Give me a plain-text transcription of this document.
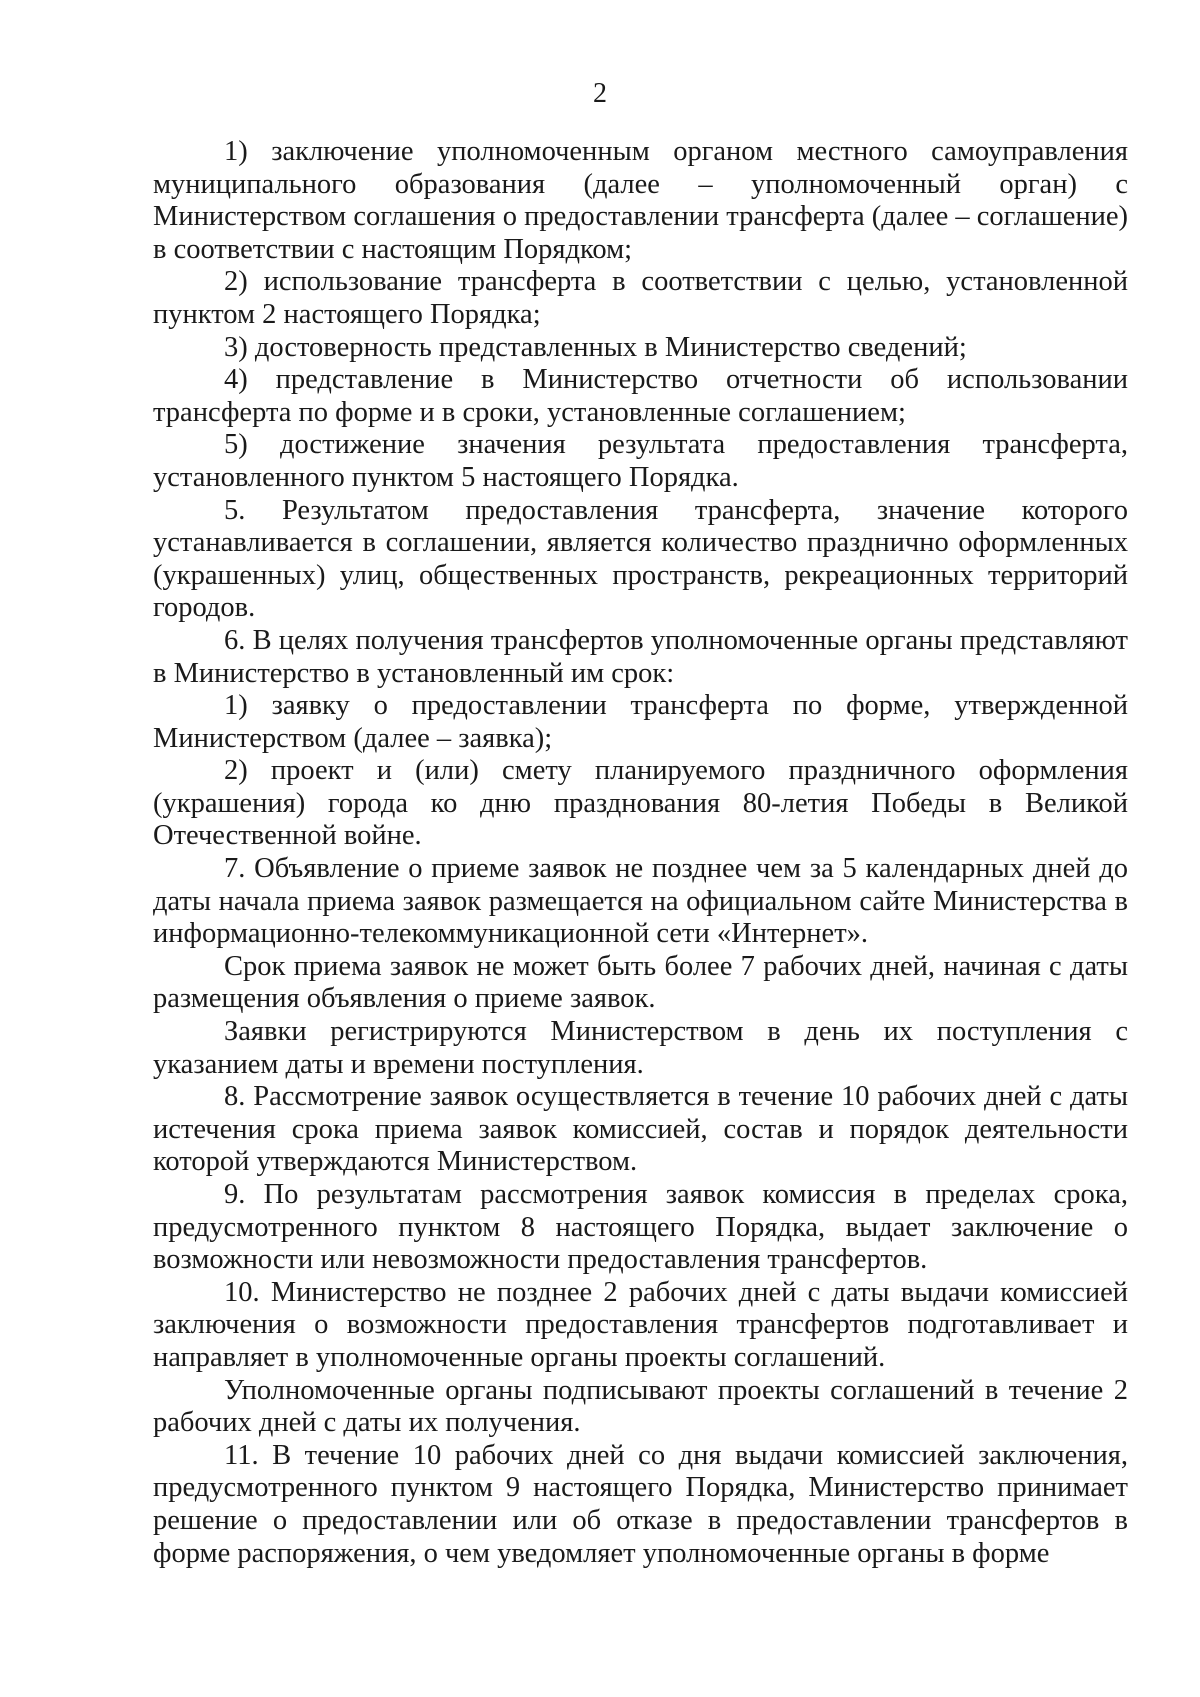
2

1) заключение уполномоченным органом местного самоуправления муниципального образования (далее – уполномоченный орган) с Министерством соглашения о предоставлении трансферта (далее – соглашение) в соответствии с настоящим Порядком;

2) использование трансферта в соответствии с целью, установленной пунктом 2 настоящего Порядка;

3) достоверность представленных в Министерство сведений;

4) представление в Министерство отчетности об использовании трансферта по форме и в сроки, установленные соглашением;

5) достижение значения результата предоставления трансферта, установленного пунктом 5 настоящего Порядка.

5. Результатом предоставления трансферта, значение которого устанавливается в соглашении, является количество празднично оформленных (украшенных) улиц, общественных пространств, рекреационных территорий городов.

6. В целях получения трансфертов уполномоченные органы представляют в Министерство в установленный им срок:

1) заявку о предоставлении трансферта по форме, утвержденной Министерством (далее – заявка);

2) проект и (или) смету планируемого праздничного оформления (украшения) города ко дню празднования 80-летия Победы в Великой Отечественной войне.

7. Объявление о приеме заявок не позднее чем за 5 календарных дней до даты начала приема заявок размещается на официальном сайте Министерства в информационно-телекоммуникационной сети «Интернет».

Срок приема заявок не может быть более 7 рабочих дней, начиная с даты размещения объявления о приеме заявок.

Заявки регистрируются Министерством в день их поступления с указанием даты и времени поступления.

8. Рассмотрение заявок осуществляется в течение 10 рабочих дней с даты истечения срока приема заявок комиссией, состав и порядок деятельности которой утверждаются Министерством.

9. По результатам рассмотрения заявок комиссия в пределах срока, предусмотренного пунктом 8 настоящего Порядка, выдает заключение о возможности или невозможности предоставления трансфертов.

10. Министерство не позднее 2 рабочих дней с даты выдачи комиссией заключения о возможности предоставления трансфертов подготавливает и направляет в уполномоченные органы проекты соглашений.

Уполномоченные органы подписывают проекты соглашений в течение 2 рабочих дней с даты их получения.

11. В течение 10 рабочих дней со дня выдачи комиссией заключения, предусмотренного пунктом 9 настоящего Порядка, Министерство принимает решение о предоставлении или об отказе в предоставлении трансфертов в форме распоряжения, о чем уведомляет уполномоченные органы в форме
